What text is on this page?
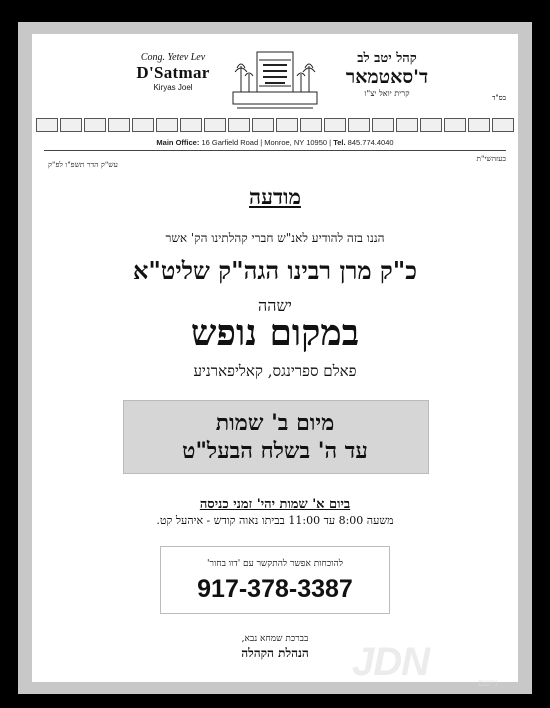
Cong. Yetev Lev
D'Satmar
Kiryas Joel
קהל יטב לב
ד'סאטמאר
קרית יואל יצ"ו	בס"ד
Main Office: 16 Garfield Road | Monroe, NY 10950 | Tel. 845.774.4040
בעזהשי"ת
עש"ק הדר תשפ"ו לפ"ק
מודעה
הננו בזה להודיע לאנ"ש חברי קהלתינו הק' אשר
כ"ק מרן רבינו הגה"ק שליט"א
ישהה
במקום נופש
פאלם ספרינגס, קאליפארניע
מיום ב' שמות
עד ה' בשלח הבעל"ט
ביום א' שמות יהי' זמני כניסה
משעה 8:00 עד 11:00 בביתו נאוה קודש - איהעל קט.
להוכחות אפשר להתקשר עם 'דוו בחור'
917-378-3387
בברכת שמחא נבא,
הנהלת הקהלה	JDN	נייעס
